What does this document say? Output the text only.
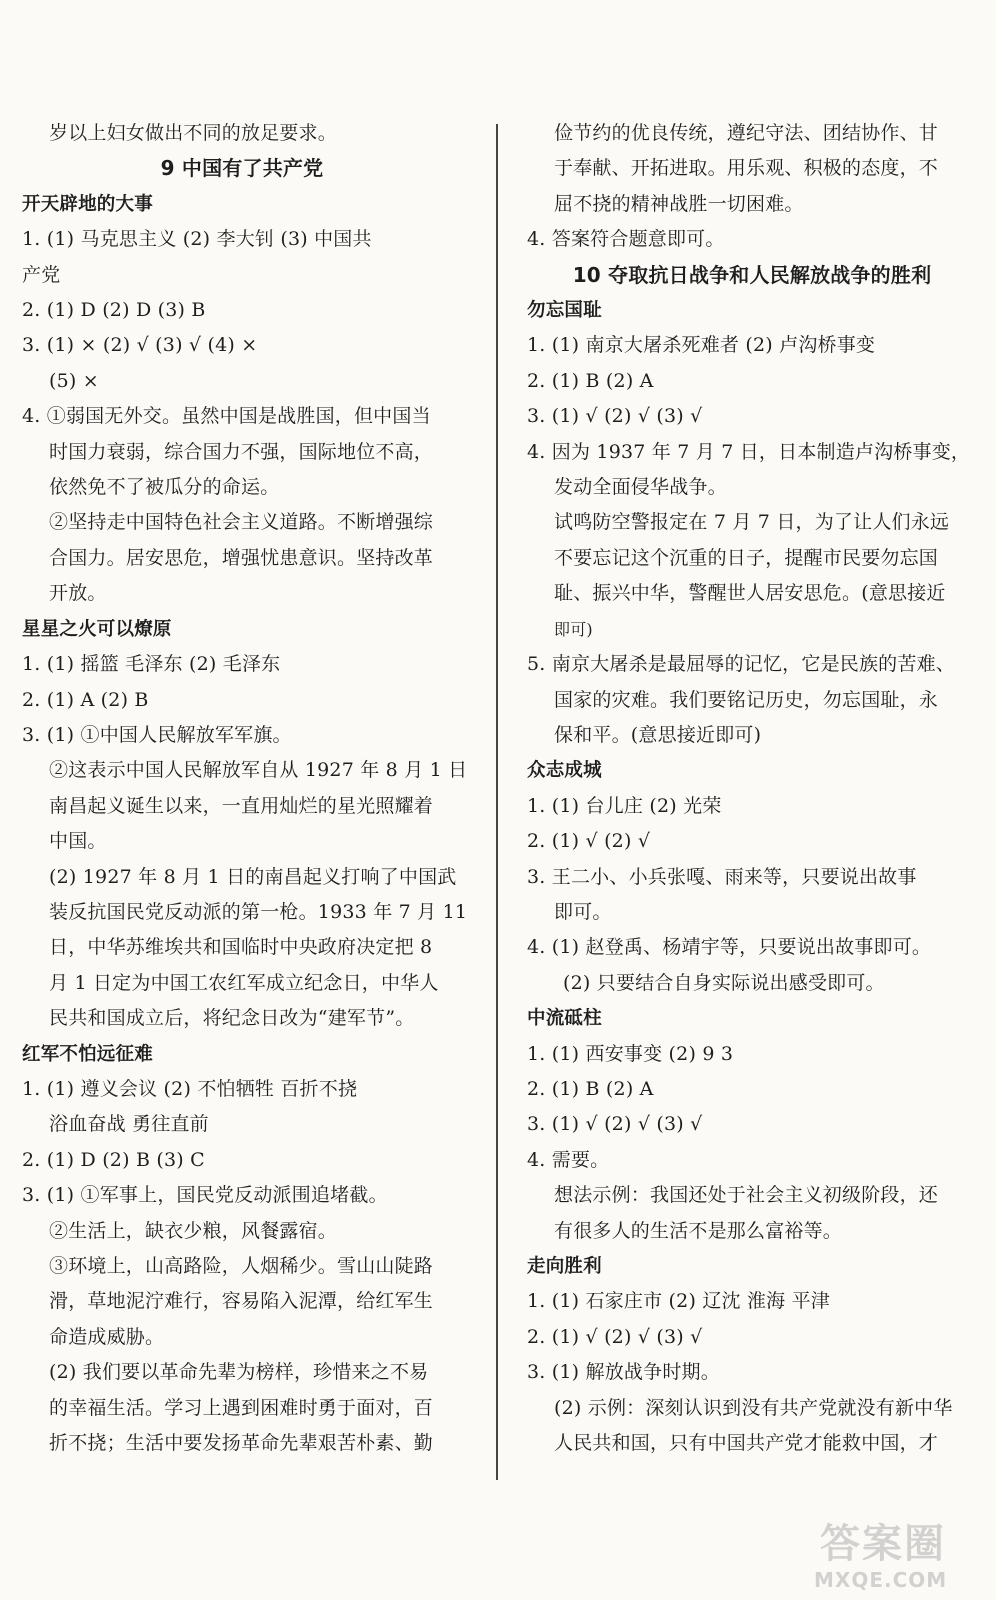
岁以上妇女做出不同的放足要求。
9 中国有了共产党
开天辟地的大事
1. (1) 马克思主义 (2) 李大钊 (3) 中国共
产党
2. (1) D (2) D (3) B
3. (1) × (2) √ (3) √ (4) ×
(5) ×
4. ①弱国无外交。虽然中国是战胜国，但中国当
时国力衰弱，综合国力不强，国际地位不高，
依然免不了被瓜分的命运。
②坚持走中国特色社会主义道路。不断增强综
合国力。居安思危，增强忧患意识。坚持改革
开放。
星星之火可以燎原
1. (1) 摇篮 毛泽东 (2) 毛泽东
2. (1) A (2) B
3. (1) ①中国人民解放军军旗。
②这表示中国人民解放军自从 1927 年 8 月 1 日
南昌起义诞生以来，一直用灿烂的星光照耀着
中国。
(2) 1927 年 8 月 1 日的南昌起义打响了中国武
装反抗国民党反动派的第一枪。1933 年 7 月 11
日，中华苏维埃共和国临时中央政府决定把 8
月 1 日定为中国工农红军成立纪念日，中华人
民共和国成立后，将纪念日改为“建军节”。
红军不怕远征难
1. (1) 遵义会议 (2) 不怕牺牲 百折不挠
浴血奋战 勇往直前
2. (1) D (2) B (3) C
3. (1) ①军事上，国民党反动派围追堵截。
②生活上，缺衣少粮，风餐露宿。
③环境上，山高路险，人烟稀少。雪山山陡路
滑，草地泥泞难行，容易陷入泥潭，给红军生
命造成威胁。
(2) 我们要以革命先辈为榜样，珍惜来之不易
的幸福生活。学习上遇到困难时勇于面对，百
折不挠；生活中要发扬革命先辈艰苦朴素、勤
俭节约的优良传统，遵纪守法、团结协作、甘
于奉献、开拓进取。用乐观、积极的态度，不
屈不挠的精神战胜一切困难。
4. 答案符合题意即可。
10 夺取抗日战争和人民解放战争的胜利
勿忘国耻
1. (1) 南京大屠杀死难者 (2) 卢沟桥事变
2. (1) B (2) A
3. (1) √ (2) √ (3) √
4. 因为 1937 年 7 月 7 日，日本制造卢沟桥事变，
发动全面侵华战争。
试鸣防空警报定在 7 月 7 日，为了让人们永远
不要忘记这个沉重的日子，提醒市民要勿忘国
耻、振兴中华，警醒世人居安思危。(意思接近
即可)
5. 南京大屠杀是最屈辱的记忆，它是民族的苦难、
国家的灾难。我们要铭记历史，勿忘国耻，永
保和平。(意思接近即可)
众志成城
1. (1) 台儿庄 (2) 光荣
2. (1) √ (2) √
3. 王二小、小兵张嘎、雨来等，只要说出故事
即可。
4. (1) 赵登禹、杨靖宇等，只要说出故事即可。
(2) 只要结合自身实际说出感受即可。
中流砥柱
1. (1) 西安事变 (2) 9 3
2. (1) B (2) A
3. (1) √ (2) √ (3) √
4. 需要。
想法示例：我国还处于社会主义初级阶段，还
有很多人的生活不是那么富裕等。
走向胜利
1. (1) 石家庄市 (2) 辽沈 淮海 平津
2. (1) √ (2) √ (3) √
3. (1) 解放战争时期。
(2) 示例：深刻认识到没有共产党就没有新中华
人民共和国，只有中国共产党才能救中国，才
答案圈
MXQE.COM
